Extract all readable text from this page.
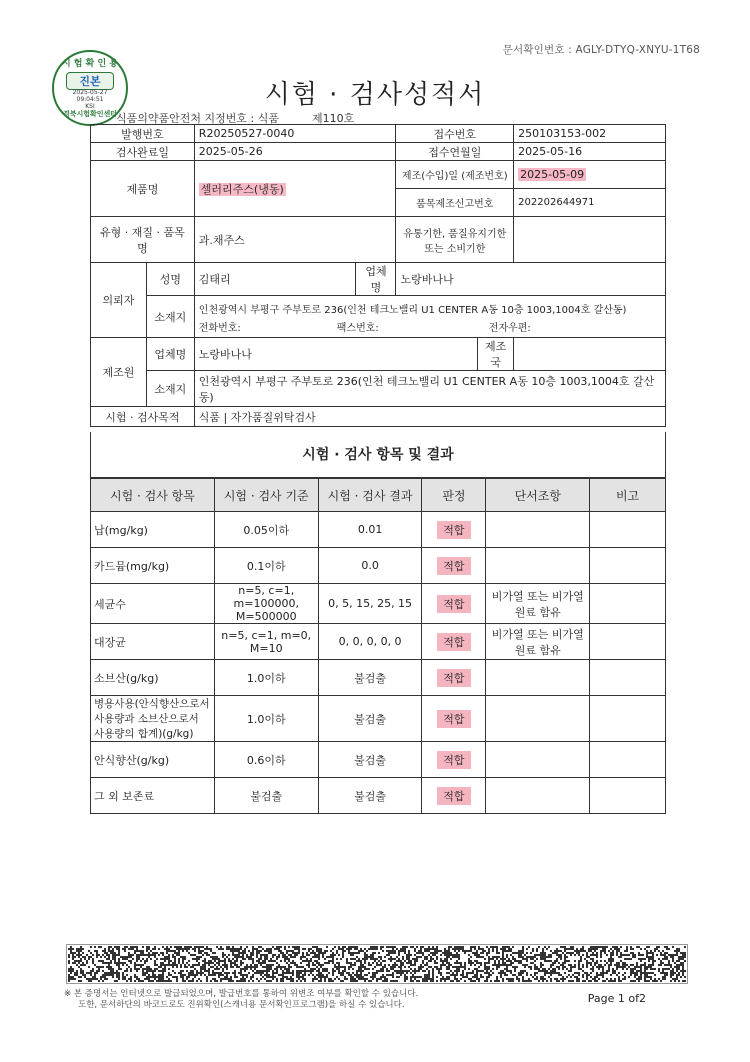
문서확인번호 : AGLY-DTYQ-XNYU-1T68
시 험 확 인 용
진본
2025-05-27
09:04:51
KSI
경북시험확인센터
시험 · 검사성적서
식품의약품안전처 지정번호 : 식품	제110호
발행번호		R20250527-0040		접수번호		250103153-002
검사완료일		2025-05-26		접수연월일		2025-05-16
제품명		셀러리주스(냉동)		제조(수입)일 (제조번호)		2025-05-09
				품목제조신고번호		202202644971
유형 · 재질 · 품목명		과.채주스		유통기한, 품질유지기한 또는 소비기한		
의뢰자	성명	김태리	업체명	노랑바나나		
	소재지	인천광역시 부평구 주부토로 236(인천 테크노밸리 U1 CENTER A동 10층 1003,1004호 갈산동)
전화번호: 팩스번호: 전자우편:				

제조원	업체명	노랑바나나			제조국	
	소재지	인천광역시 부평구 주부토로 236(인천 테크노밸리 U1 CENTER A동 10층 1003,1004호 갈산동)				
시험 · 검사목적		식품 | 자가품질위탁검사				
시험 · 검사 항목 및 결과
시험 · 검사 항목	시험 · 검사 기준	시험 · 검사 결과	판정	단서조항	비고
납(mg/kg)	0.05이하	0.01	적합		
카드뮴(mg/kg)	0.1이하	0.0	적합		
세균수	n=5, c=1, m=100000, M=500000	0, 5, 15, 25, 15	적합	비가열 또는 비가열 원료 함유	
대장균	n=5, c=1, m=0, M=10	0, 0, 0, 0, 0	적합	비가열 또는 비가열 원료 함유	
소브산(g/kg)	1.0이하	불검출	적합		
병용사용(안식향산으로서 사용량과 소브산으로서 사용량의 합계)(g/kg)	1.0이하	불검출	적합		
안식향산(g/kg)	0.6이하	불검출	적합		
그 외 보존료	불검출	불검출	적합		
※ 본 증명서는 인터넷으로 발급되었으며, 발급번호를 통하여 위변조 여부를 확인할 수 있습니다.
도한, 문서하단의 바코드로도 진위확인(스캐너용 문서확인프로그램)을 하실 수 있습니다.	Page 1 of2
